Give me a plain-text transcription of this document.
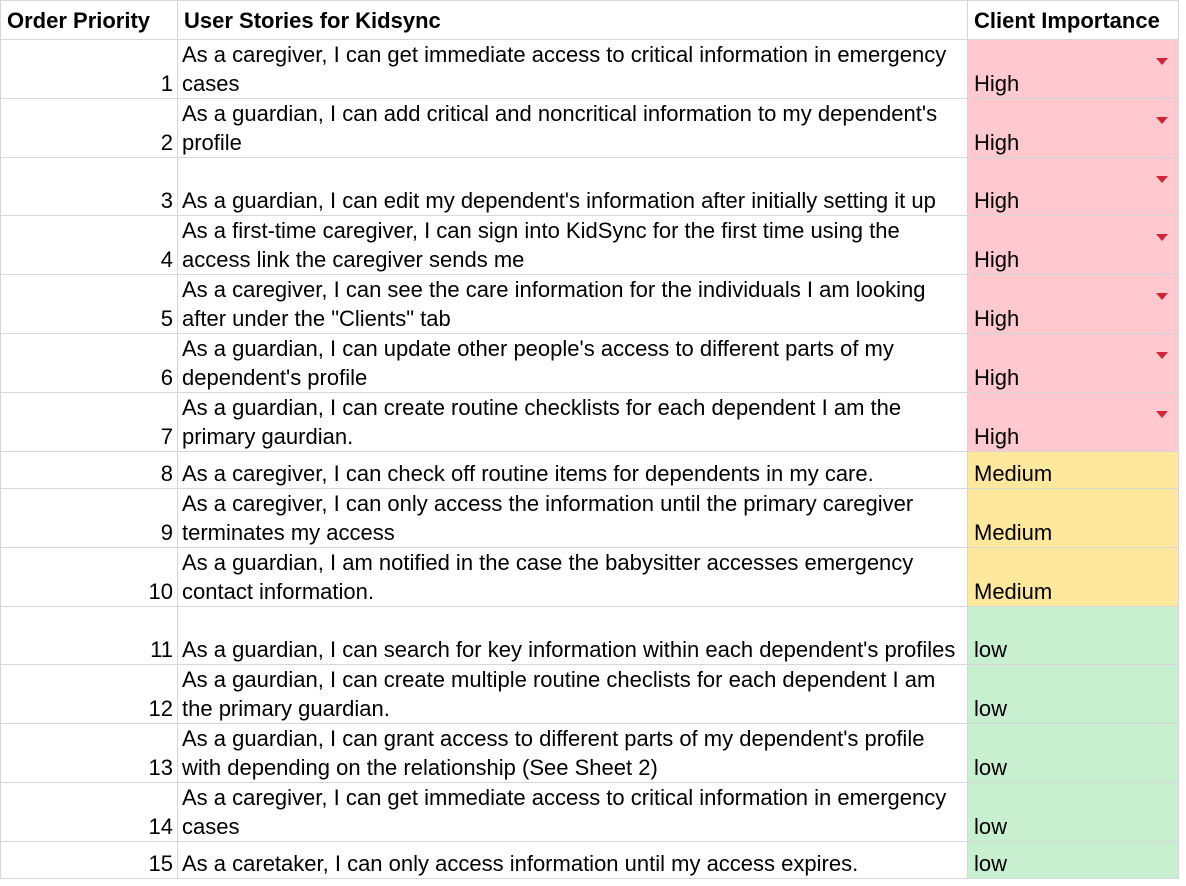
Order Priority	User Stories for Kidsync	Client Importance
1	As a caregiver, I can get immediate access to critical information in emergency cases	High

2	As a guardian, I can add critical and noncritical information to my dependent's profile	High

3	As a guardian, I can edit my dependent's information after initially setting it up	High

4	As a first-time caregiver, I can sign into KidSync for the first time using the access link the caregiver sends me	High

5	As a caregiver, I can see the care information for the individuals I am looking after under the "Clients" tab	High

6	As a guardian, I can update other people's access to different parts of my dependent's profile	High

7	As a guardian, I can create routine checklists for each dependent I am the primary gaurdian.	High

8	As a caregiver, I can check off routine items for dependents in my care.	Medium
9	As a caregiver, I can only access the information until the primary caregiver terminates my access	Medium
10	As a guardian, I am notified in the case the babysitter accesses emergency contact information.	Medium
11	As a guardian, I can search for key information within each dependent's profiles	low
12	As a gaurdian, I can create multiple routine checlists for each dependent I am the primary guardian.	low
13	As a guardian, I can grant access to different parts of my dependent's profile with depending on the relationship (See Sheet 2)	low
14	As a caregiver, I can get immediate access to critical information in emergency cases	low
15	As a caretaker, I can only access information until my access expires.	low
